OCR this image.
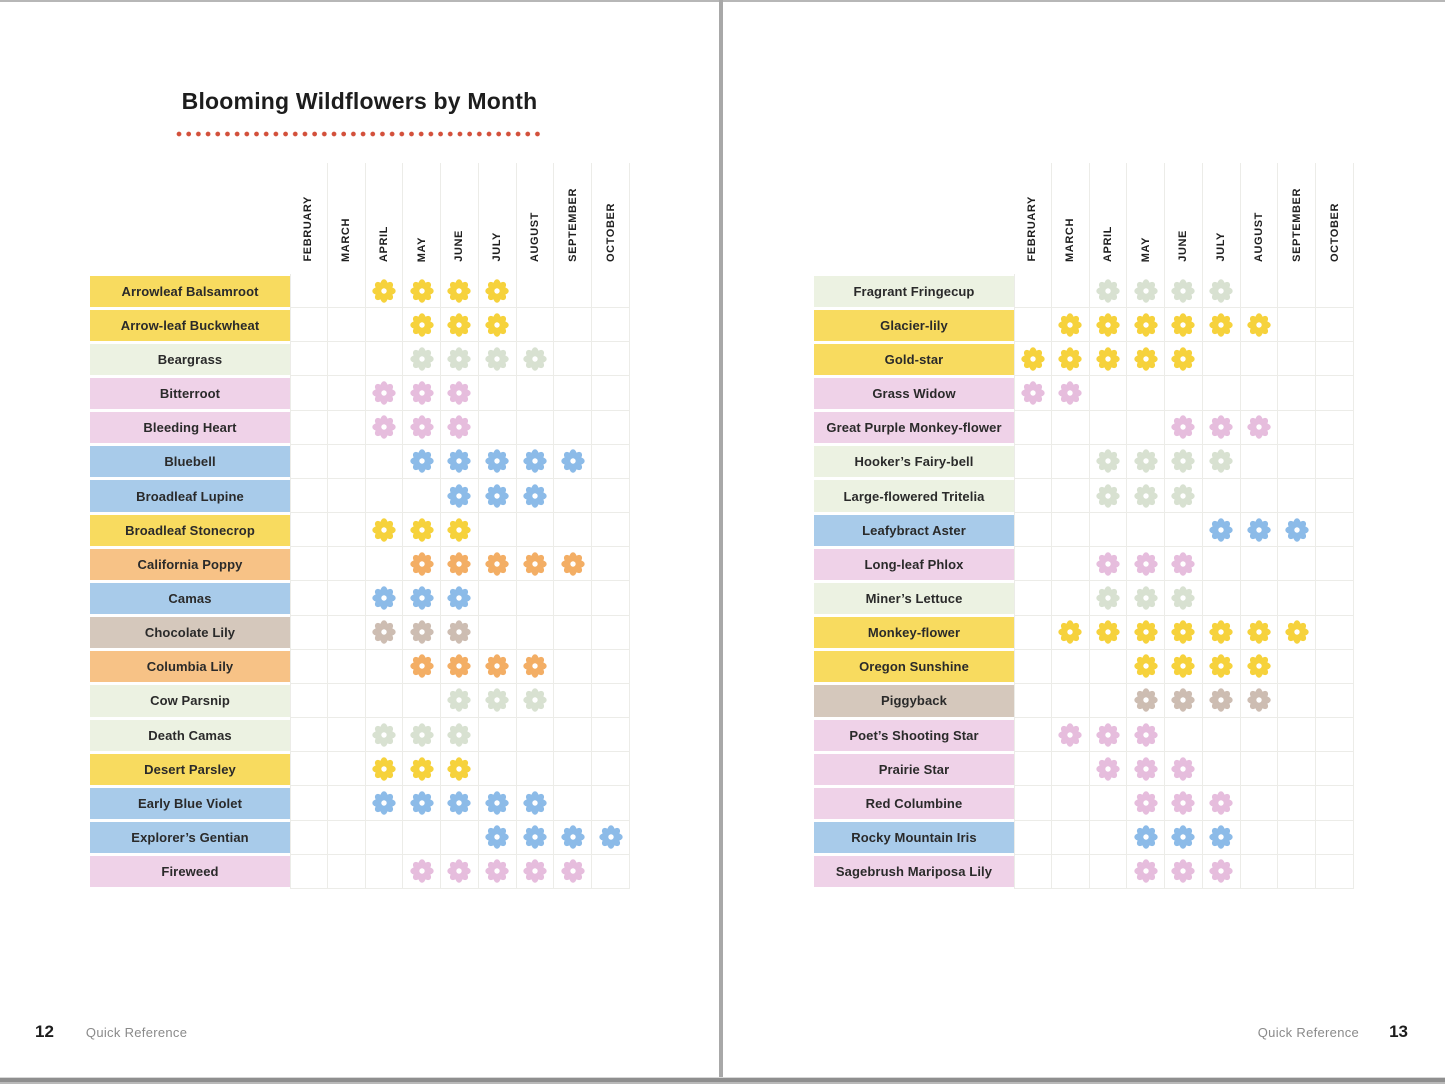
Blooming Wildflowers by Month
FEBRUARY MARCH APRIL MAY JUNE JULY AUGUST SEPTEMBER OCTOBER
Arrowleaf Balsamroot
Arrow-leaf Buckwheat
Beargrass
Bitterroot
Bleeding Heart
Bluebell
Broadleaf Lupine
Broadleaf Stonecrop
California Poppy
Camas
Chocolate Lily
Columbia Lily
Cow Parsnip
Death Camas
Desert Parsley
Early Blue Violet
Explorer’s Gentian
Fireweed
12 Quick Reference
FEBRUARY MARCH APRIL MAY JUNE JULY AUGUST SEPTEMBER OCTOBER
Fragrant Fringecup
Glacier-lily
Gold-star
Grass Widow
Great Purple Monkey-flower
Hooker’s Fairy-bell
Large-flowered Tritelia
Leafybract Aster
Long-leaf Phlox
Miner’s Lettuce
Monkey-flower
Oregon Sunshine
Piggyback
Poet’s Shooting Star
Prairie Star
Red Columbine
Rocky Mountain Iris
Sagebrush Mariposa Lily
Quick Reference 13
